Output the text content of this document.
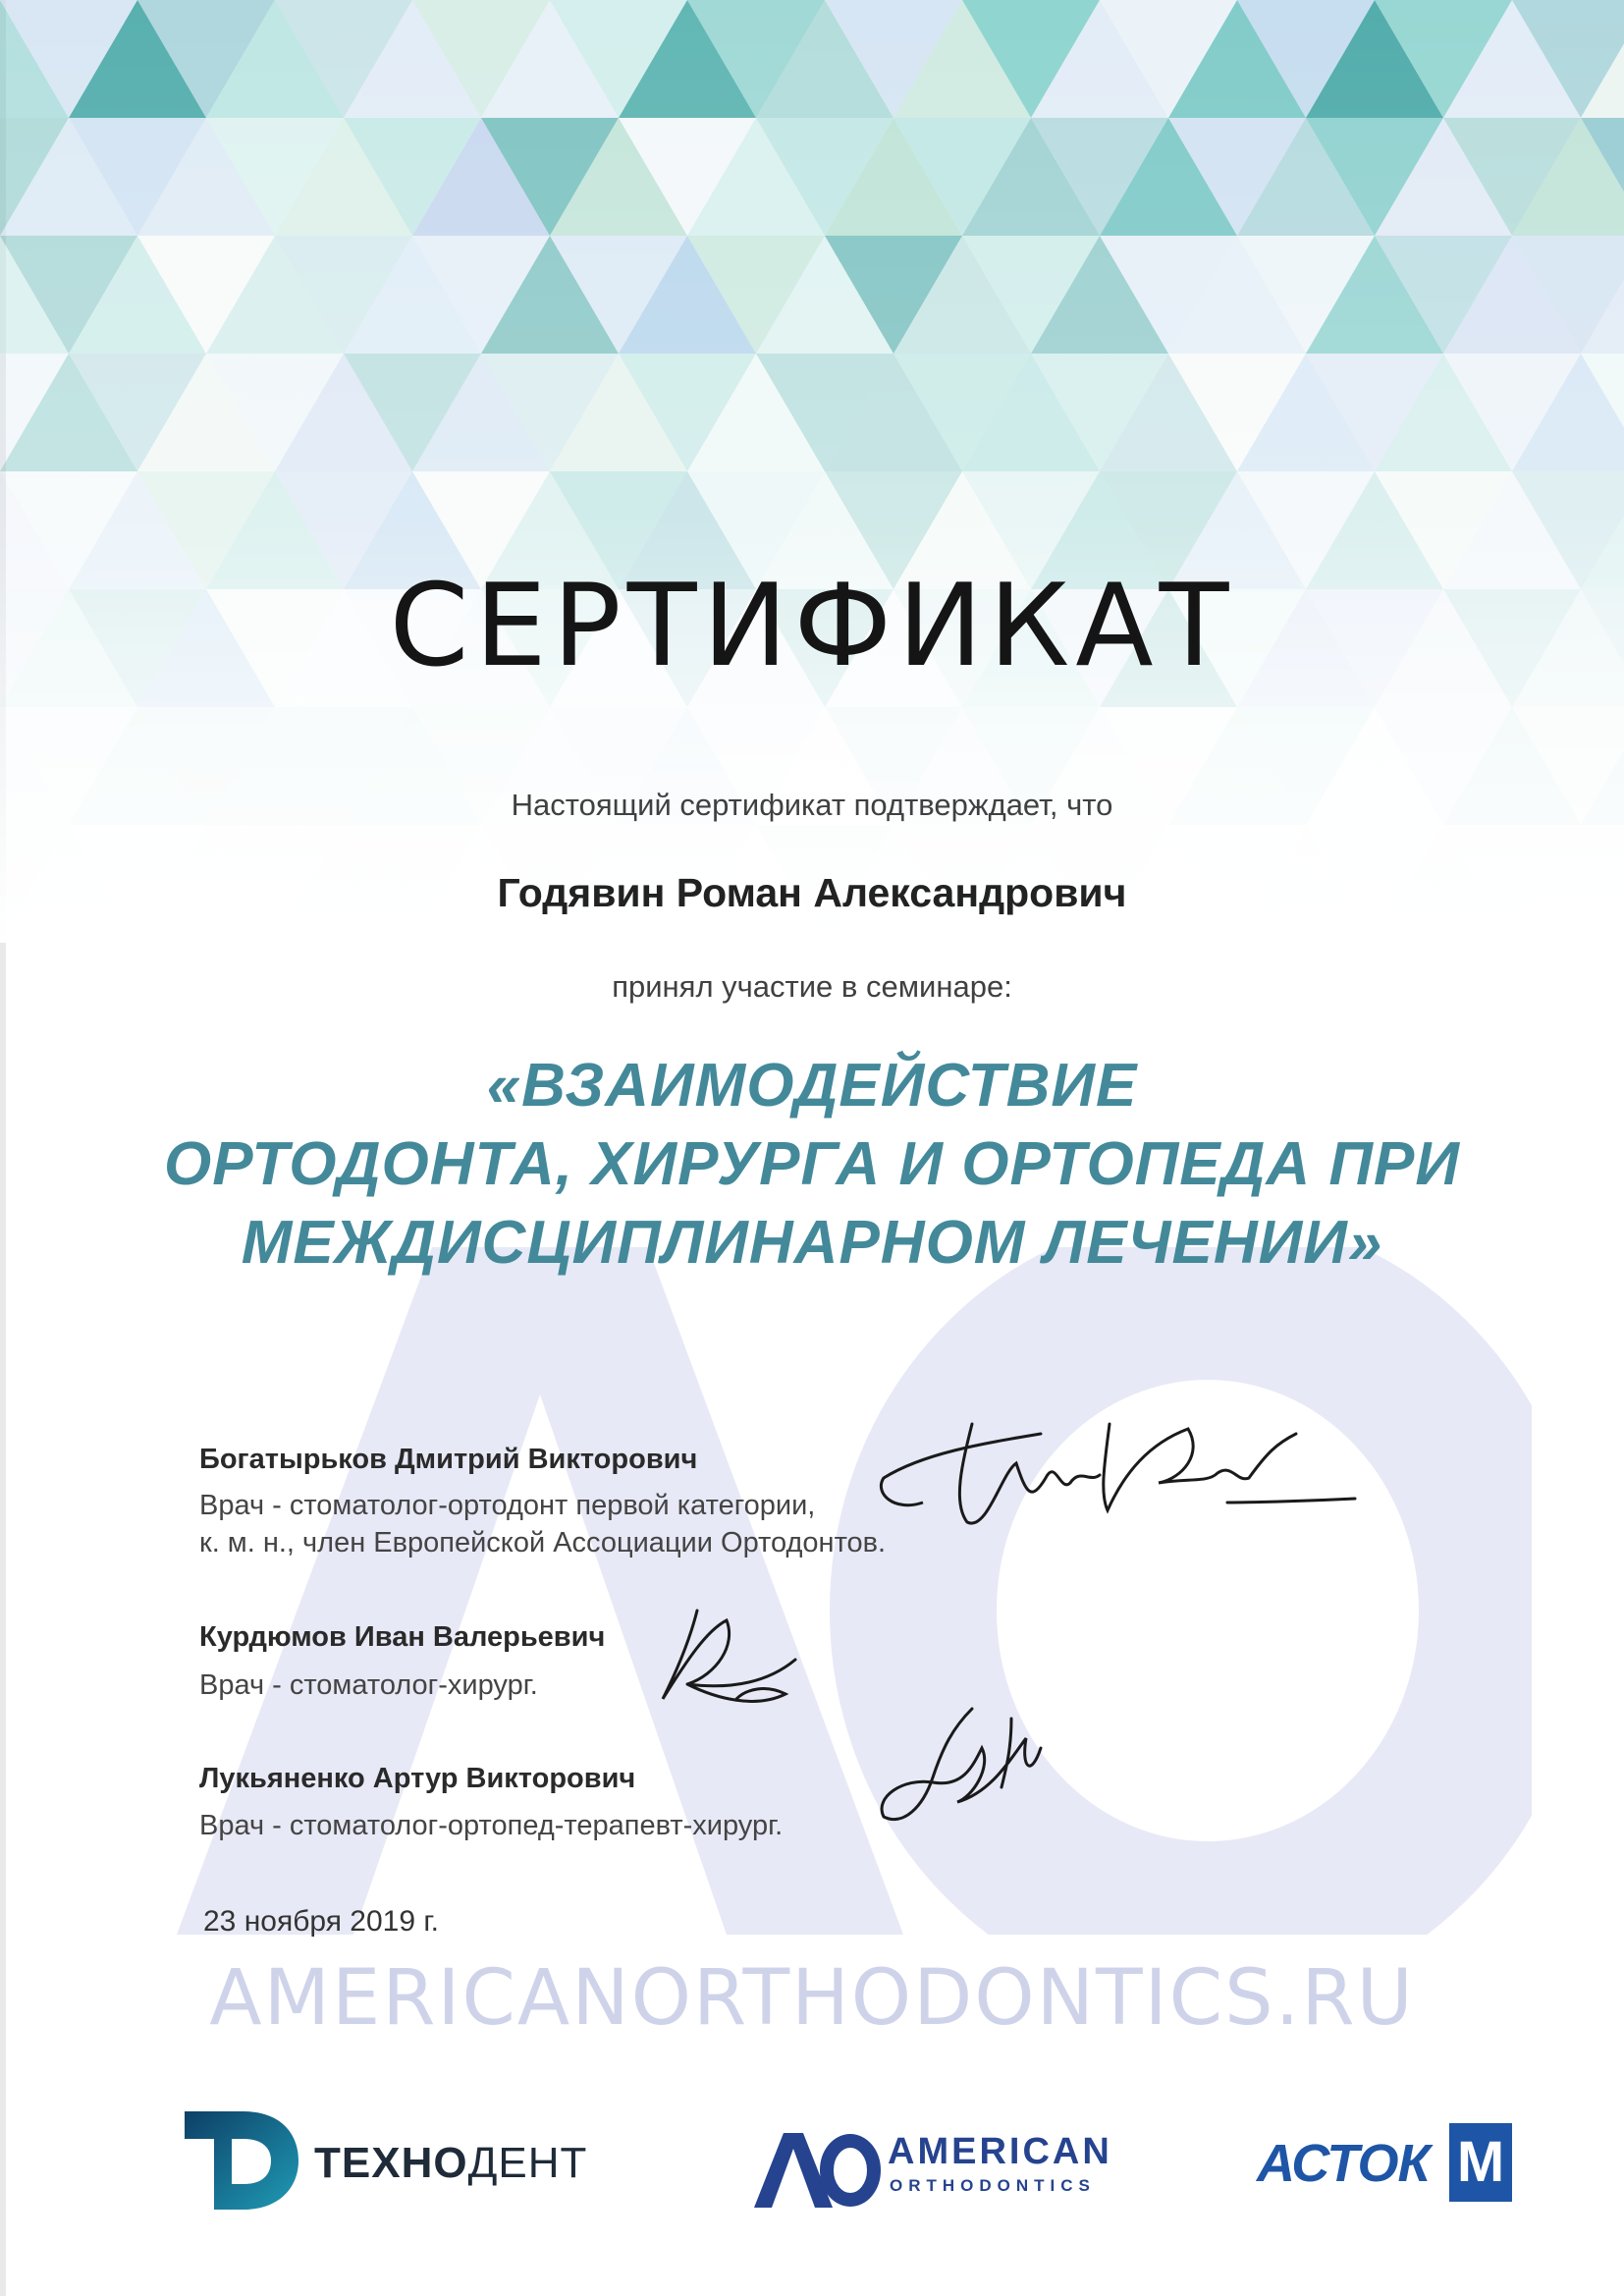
СЕРТИФИКАТ
Настоящий сертификат подтверждает, что
Годявин Роман Александрович
принял участие в семинаре:
«ВЗАИМОДЕЙСТВИЕ
ОРТОДОНТА, ХИРУРГА И ОРТОПЕДА ПРИ
МЕЖДИСЦИПЛИНАРНОМ ЛЕЧЕНИИ»
Богатырьков Дмитрий Викторович
Врач - стоматолог-ортодонт первой категории,
к. м. н., член Европейской Ассоциации Ортодонтов.
Курдюмов Иван Валерьевич
Врач - стоматолог-хирург.
Лукьяненко Артур Викторович
Врач - стоматолог-ортопед-терапевт-хирург.
23 ноября 2019 г.
AMERICANORTHODONTICS.RU
ТЕХНОДЕНТ	AMERICAN
ORTHODONTICS	АСТОК M
